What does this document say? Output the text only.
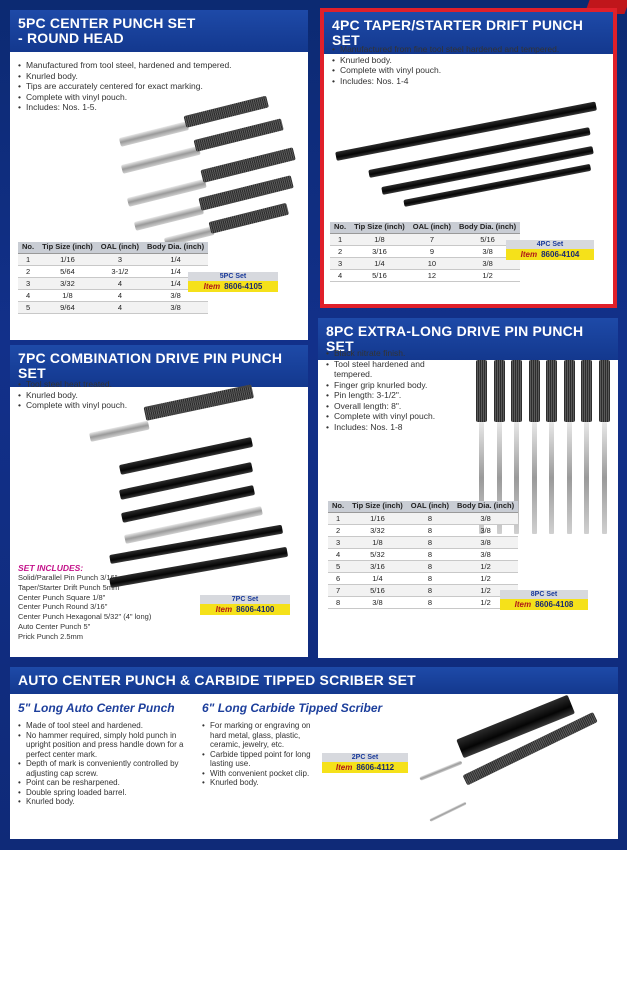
5PC CENTER PUNCH SET
- ROUND HEAD
• Manufactured from tool steel, hardened and tempered.
• Knurled body.
• Tips are accurately centered for exact marking.
• Complete with vinyl pouch.
• Includes: Nos. 1-5.
No.	Tip Size (inch)	OAL (inch)	Body Dia. (inch)
1	1/16	3	1/4
2	5/64	3-1/2	1/4
3	3/32	4	1/4
4	1/8	4	3/8
5	9/64	4	3/8
5PC Set
Item 8606-4105
4PC TAPER/STARTER DRIFT PUNCH SET
• Manufactured from fine tool steel hardened and tempered.
• Knurled body.
• Complete with vinyl pouch.
• Includes: Nos. 1-4
No.	Tip Size (inch)	OAL (inch)	Body Dia. (inch)
1	1/8	7	5/16
2	3/16	9	3/8
3	1/4	10	3/8
4	5/16	12	1/2
4PC Set
Item 8606-4104
7PC COMBINATION DRIVE PIN PUNCH SET
• Tool steel heat treated.
• Knurled body.
• Complete with vinyl pouch.
SET INCLUDES:
Solid/Parallel Pin Punch 3/16"
Taper/Starter Drift Punch 5mm
Center Punch Square 1/8"
Center Punch Round 3/16"
Center Punch Hexagonal 5/32" (4" long)
Auto Center Punch 5"
Prick Punch 2.5mm
7PC Set
Item 8606-4100
8PC EXTRA-LONG DRIVE PIN PUNCH SET
• Black nitrate finish.
• Tool steel hardened and tempered.
• Finger grip knurled body.
• Pin length: 3-1/2".
• Overall length: 8".
• Complete with vinyl pouch.
• Includes: Nos. 1-8
No.	Tip Size (inch)	OAL (inch)	Body Dia. (inch)
1	1/16	8	3/8
2	3/32	8	3/8
3	1/8	8	3/8
4	5/32	8	3/8
5	3/16	8	1/2
6	1/4	8	1/2
7	5/16	8	1/2
8	3/8	8	1/2
8PC Set
Item 8606-4108
AUTO CENTER PUNCH & CARBIDE TIPPED SCRIBER SET
5" Long Auto Center Punch
• Made of tool steel and hardened.
• No hammer required, simply hold punch in upright position and press handle down for a perfect center mark.
• Depth of mark is conveniently controlled by adjusting cap screw.
• Point can be resharpened.
• Double spring loaded barrel.
• Knurled body.
6" Long Carbide Tipped Scriber
• For marking or engraving on hard metal, glass, plastic, ceramic, jewelry, etc.
• Carbide tipped point for long lasting use.
• With convenient pocket clip.
• Knurled body.
2PC Set
Item 8606-4112
